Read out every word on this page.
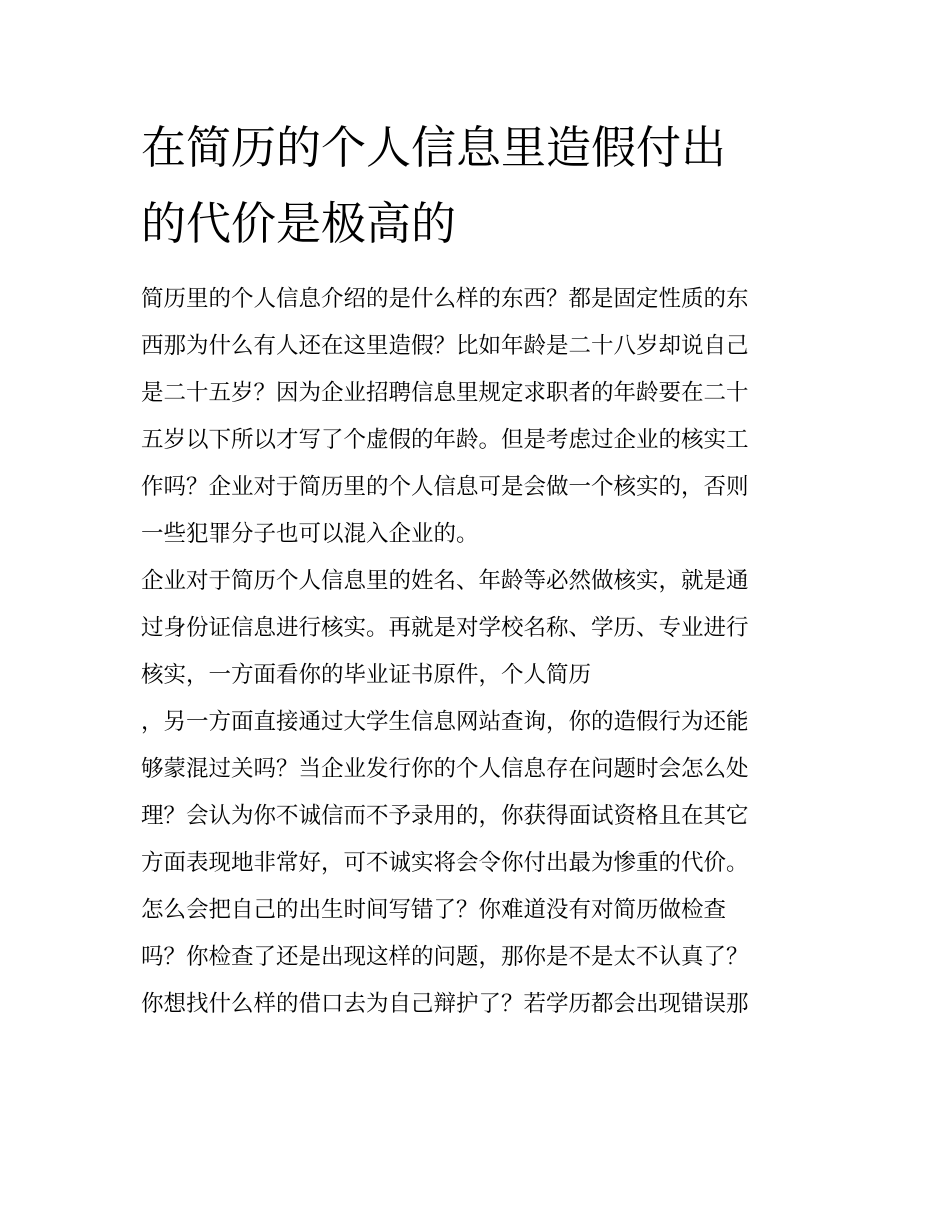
在简历的个人信息里造假付出
的代价是极高的
简历里的个人信息介绍的是什么样的东西？都是固定性质的东
西那为什么有人还在这里造假？比如年龄是二十八岁却说自己
是二十五岁？因为企业招聘信息里规定求职者的年龄要在二十
五岁以下所以才写了个虚假的年龄。但是考虑过企业的核实工
作吗？企业对于简历里的个人信息可是会做一个核实的，否则
一些犯罪分子也可以混入企业的。
企业对于简历个人信息里的姓名、年龄等必然做核实，就是通
过身份证信息进行核实。再就是对学校名称、学历、专业进行
核实，一方面看你的毕业证书原件，个人简历
，另一方面直接通过大学生信息网站查询，你的造假行为还能
够蒙混过关吗？当企业发行你的个人信息存在问题时会怎么处
理？会认为你不诚信而不予录用的，你获得面试资格且在其它
方面表现地非常好，可不诚实将会令你付出最为惨重的代价。
怎么会把自己的出生时间写错了？你难道没有对简历做检查
吗？你检查了还是出现这样的问题，那你是不是太不认真了？
你想找什么样的借口去为自己辩护了？若学历都会出现错误那
